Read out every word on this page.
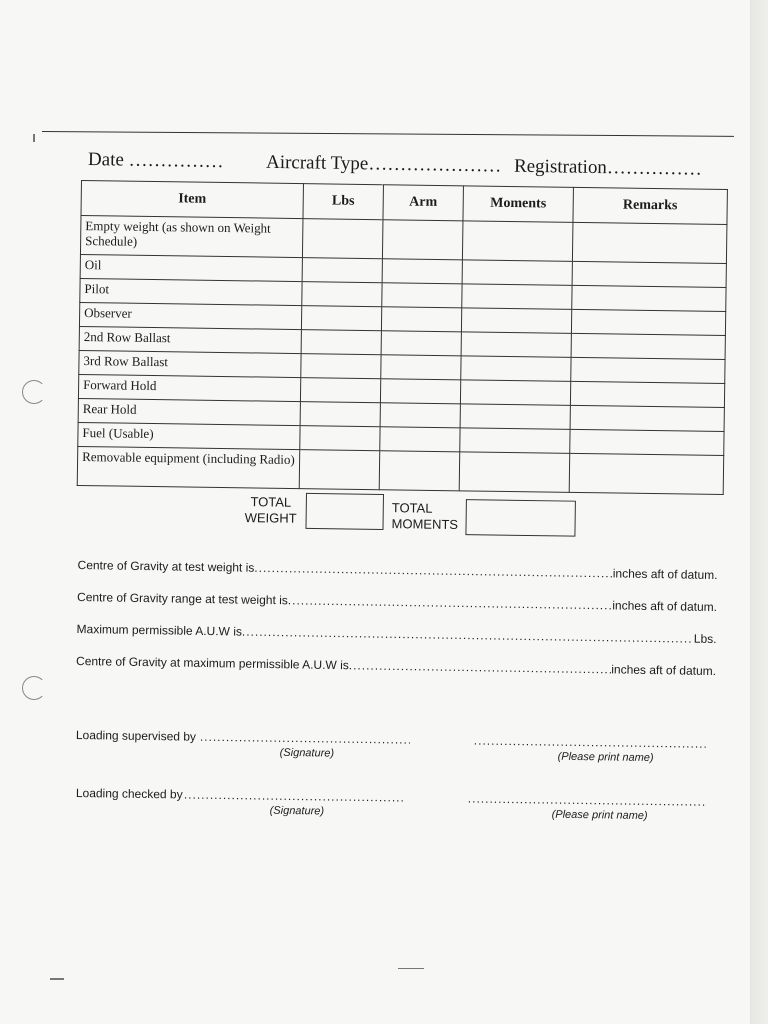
Date …………… Aircraft Type………………… Registration……………
Item	Lbs	Arm	Moments	Remarks
Empty weight (as shown on Weight Schedule)				
Oil				
Pilot				
Observer				
2nd Row Ballast				
3rd Row Ballast				
Forward Hold				
Rear Hold				
Fuel (Usable)				
Removable equipment (including Radio)				
TOTAL WEIGHT
TOTAL MOMENTS
Centre of Gravity at test weight is .....	inches aft of datum.
Centre of Gravity range at test weight is .....	inches aft of datum.
Maximum permissible A.U.W is
.....
Lbs.
Centre of Gravity at maximum permissible A.U.W is .....	inches aft of datum.
Loading supervised by
.....
(Signature)
.....	(Please print name)
Loading checked by
.....
(Signature)
.....	(Please print name)
